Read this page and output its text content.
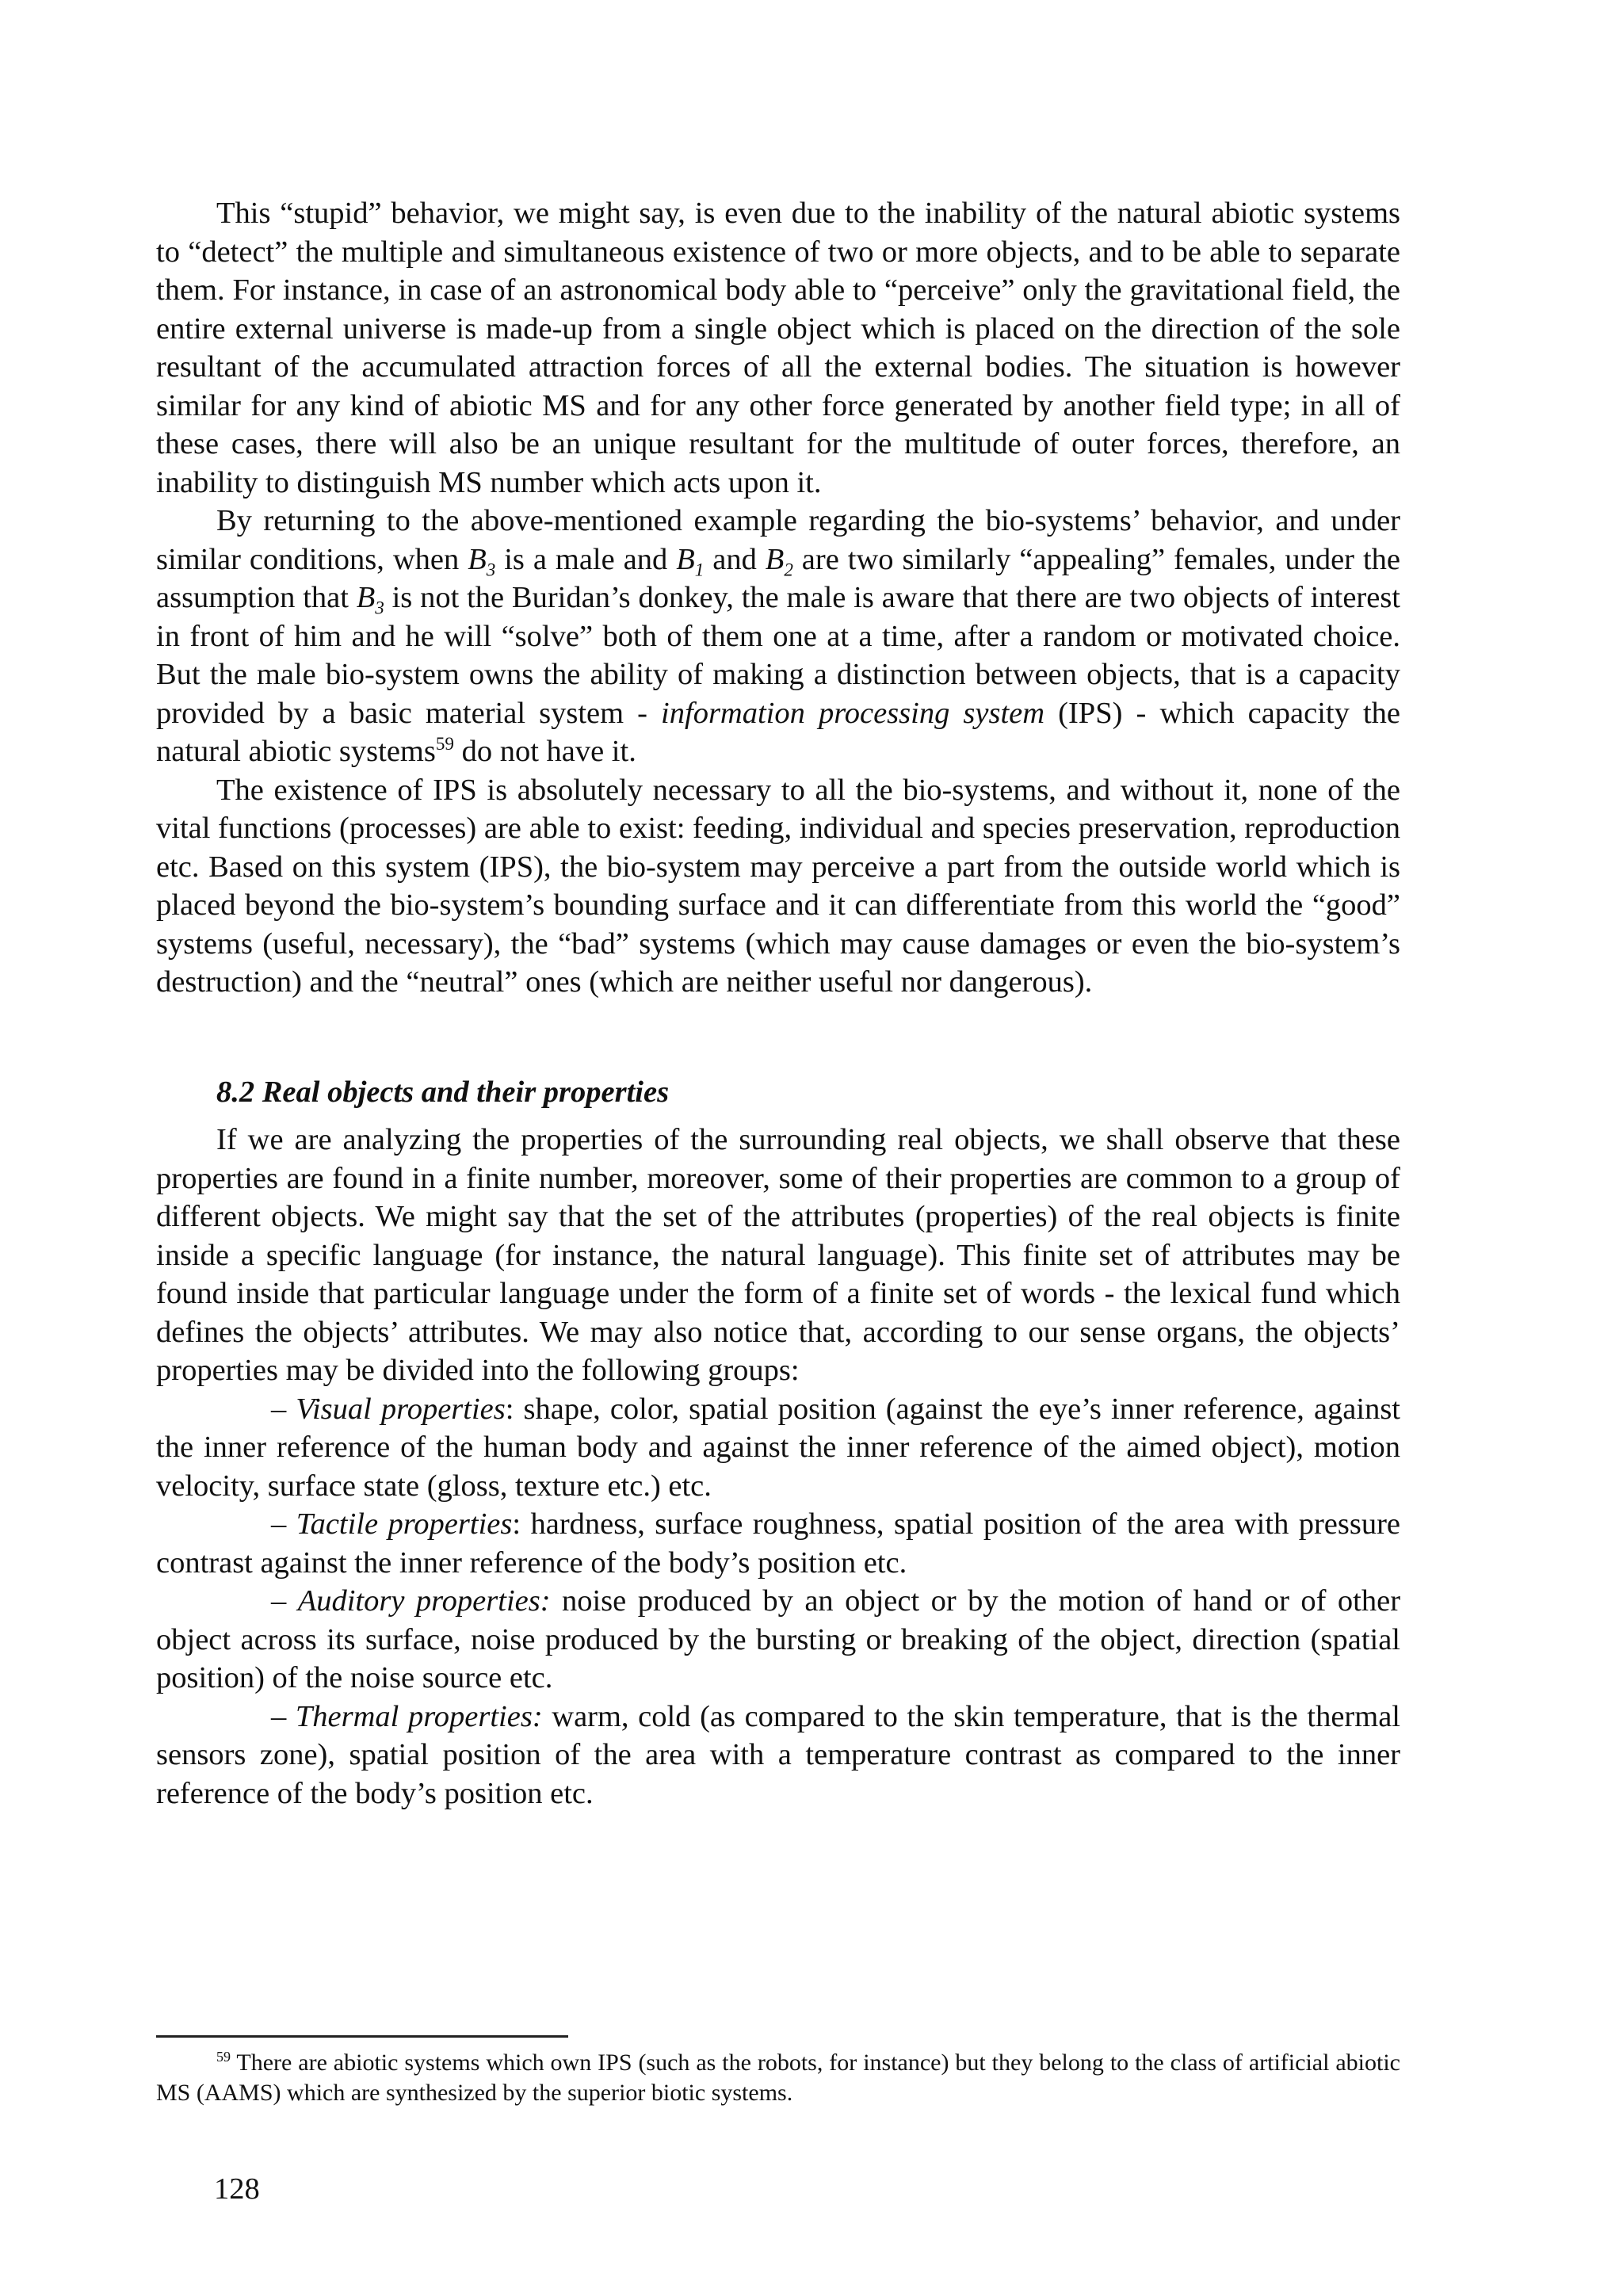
This “stupid” behavior, we might say, is even due to the inability of the natural abiotic systems to “detect” the multiple and simultaneous existence of two or more objects, and to be able to separate them. For instance, in case of an astronomical body able to “perceive” only the gravitational field, the entire external universe is made-up from a single object which is placed on the direction of the sole resultant of the accumulated attraction forces of all the external bodies. The situation is however similar for any kind of abiotic MS and for any other force generated by another field type; in all of these cases, there will also be an unique resultant for the multitude of outer forces, therefore, an inability to distinguish MS number which acts upon it.

By returning to the above-mentioned example regarding the bio-systems’ behavior, and under similar conditions, when $B_3$ is a male and $B_1$ and $B_2$ are two similarly “appealing” females, under the assumption that $B_3$ is not the Buridan’s donkey, the male is aware that there are two objects of interest in front of him and he will “solve” both of them one at a time, after a random or motivated choice. But the male bio-system owns the ability of making a distinction between objects, that is a capacity provided by a basic material system - information processing system (IPS) - which capacity the natural abiotic systems$^{59}$ do not have it.

The existence of IPS is absolutely necessary to all the bio-systems, and without it, none of the vital functions (processes) are able to exist: feeding, individual and species preservation, reproduction etc. Based on this system (IPS), the bio-system may perceive a part from the outside world which is placed beyond the bio-system’s bounding surface and it can differentiate from this world the “good” systems (useful, necessary), the “bad” systems (which may cause damages or even the bio-system’s destruction) and the “neutral” ones (which are neither useful nor dangerous).

8.2 Real objects and their properties

If we are analyzing the properties of the surrounding real objects, we shall observe that these properties are found in a finite number, moreover, some of their properties are common to a group of different objects. We might say that the set of the attributes (properties) of the real objects is finite inside a specific language (for instance, the natural language). This finite set of attributes may be found inside that particular language under the form of a finite set of words - the lexical fund which defines the objects’ attributes. We may also notice that, according to our sense organs, the objects’ properties may be divided into the following groups:

– Visual properties: shape, color, spatial position (against the eye’s inner reference, against the inner reference of the human body and against the inner reference of the aimed object), motion velocity, surface state (gloss, texture etc.) etc.

– Tactile properties: hardness, surface roughness, spatial position of the area with pressure contrast against the inner reference of the body’s position etc.

– Auditory properties: noise produced by an object or by the motion of hand or of other object across its surface, noise produced by the bursting or breaking of the object, direction (spatial position) of the noise source etc.

– Thermal properties: warm, cold (as compared to the skin temperature, that is the thermal sensors zone), spatial position of the area with a temperature contrast as compared to the inner reference of the body’s position etc.

$^{59}$ There are abiotic systems which own IPS (such as the robots, for instance) but they belong to the class of artificial abiotic MS (AAMS) which are synthesized by the superior biotic systems.
128
